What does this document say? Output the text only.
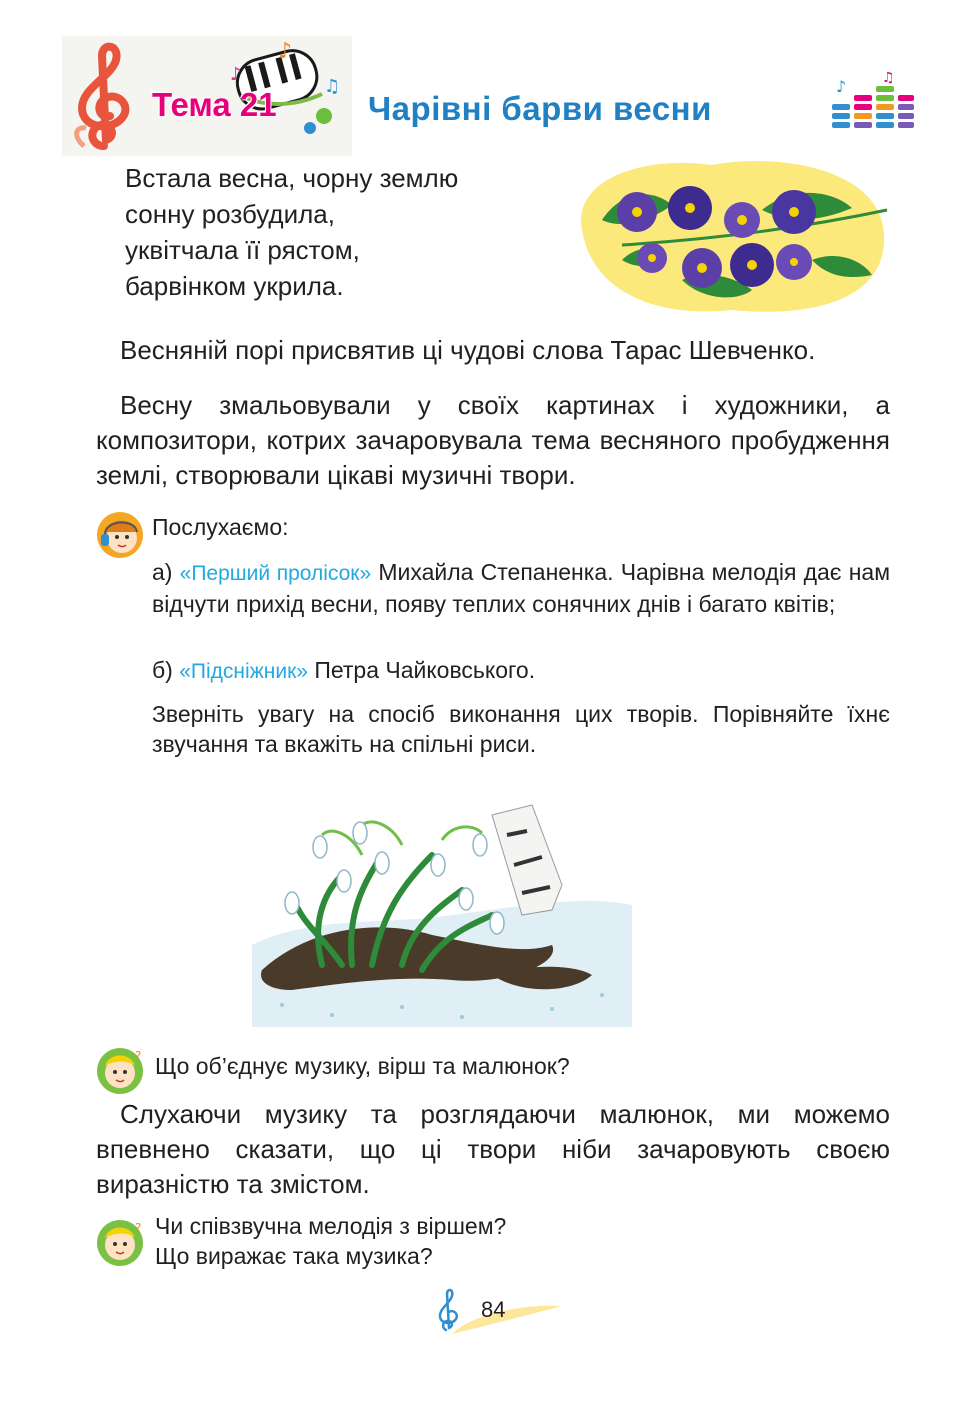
♪
♪
♫
Тема 21	Чарівні барви весни
♪	♫
Встала весна, чорну землю
сонну розбудила,
уквітчала її рястом,
барвінком укрила.
Весняній порі присвятив ці чудові слова Тарас Шевченко.
Весну змальовували у своїх картинах і художники, а композитори, котрих зачаровувала тема весняного пробудження землі, створювали цікаві музичні твори.
Послухаємо:
а) «Перший пролісок» Михайла Степаненка. Чарівна мелодія дає нам відчути прихід весни, появу теплих сонячних днів і багато квітів;
б) «Підсніжник» Петра Чайковського.
Зверніть увагу на спосіб виконання цих творів. Порівняйте їхнє звучання та вкажіть на спільні риси.
? Що об’єднує музику, вірш та малюнок?
Слухаючи музику та розглядаючи малюнок, ми можемо впевнено сказати, що ці твори ніби зачаровують своєю виразністю та змістом.
? Чи співзвучна мелодія з віршем?
Що виражає така музика?
84
